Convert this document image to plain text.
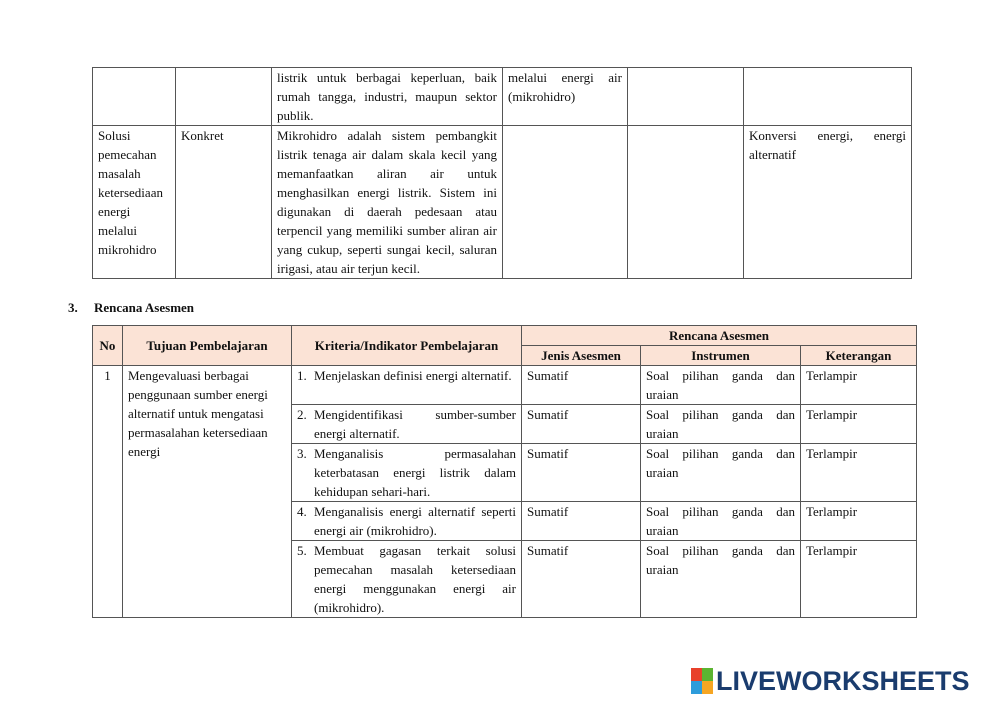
		listrik untuk berbagai keperluan, baik rumah tangga, industri, maupun sektor publik.	melalui energi air (mikrohidro)		
Solusi pemecahan masalah ketersediaan energi melalui mikrohidro	Konkret	Mikrohidro adalah sistem pembangkit listrik tenaga air dalam skala kecil yang memanfaatkan aliran air untuk menghasilkan energi listrik. Sistem ini digunakan di daerah pedesaan atau terpencil yang memiliki sumber aliran air yang cukup, seperti sungai kecil, saluran irigasi, atau air terjun kecil.			Konversi energi, energi alternatif
3. Rencana Asesmen
No	Tujuan Pembelajaran	Kriteria/Indikator Pembelajaran	Rencana Asesmen		
			Jenis Asesmen	Instrumen	Keterangan
1	Mengevaluasi berbagai penggunaan sumber energi alternatif untuk mengatasi permasalahan ketersediaan energi	1. Menjelaskan definisi energi alternatif.	Sumatif	Soal pilihan ganda dan uraian	Terlampir

		2. Mengidentifikasi sumber-sumber energi alternatif.	Sumatif	Soal pilihan ganda dan uraian	Terlampir

		3. Menganalisis permasalahan keterbatasan energi listrik dalam kehidupan sehari-hari.	Sumatif	Soal pilihan ganda dan uraian	Terlampir

		4. Menganalisis energi alternatif seperti energi air (mikrohidro).	Sumatif	Soal pilihan ganda dan uraian	Terlampir

		5. Membuat gagasan terkait solusi pemecahan masalah ketersediaan energi menggunakan energi air (mikrohidro).	Sumatif	Soal pilihan ganda dan uraian	Terlampir
LIVEWORKSHEETS
